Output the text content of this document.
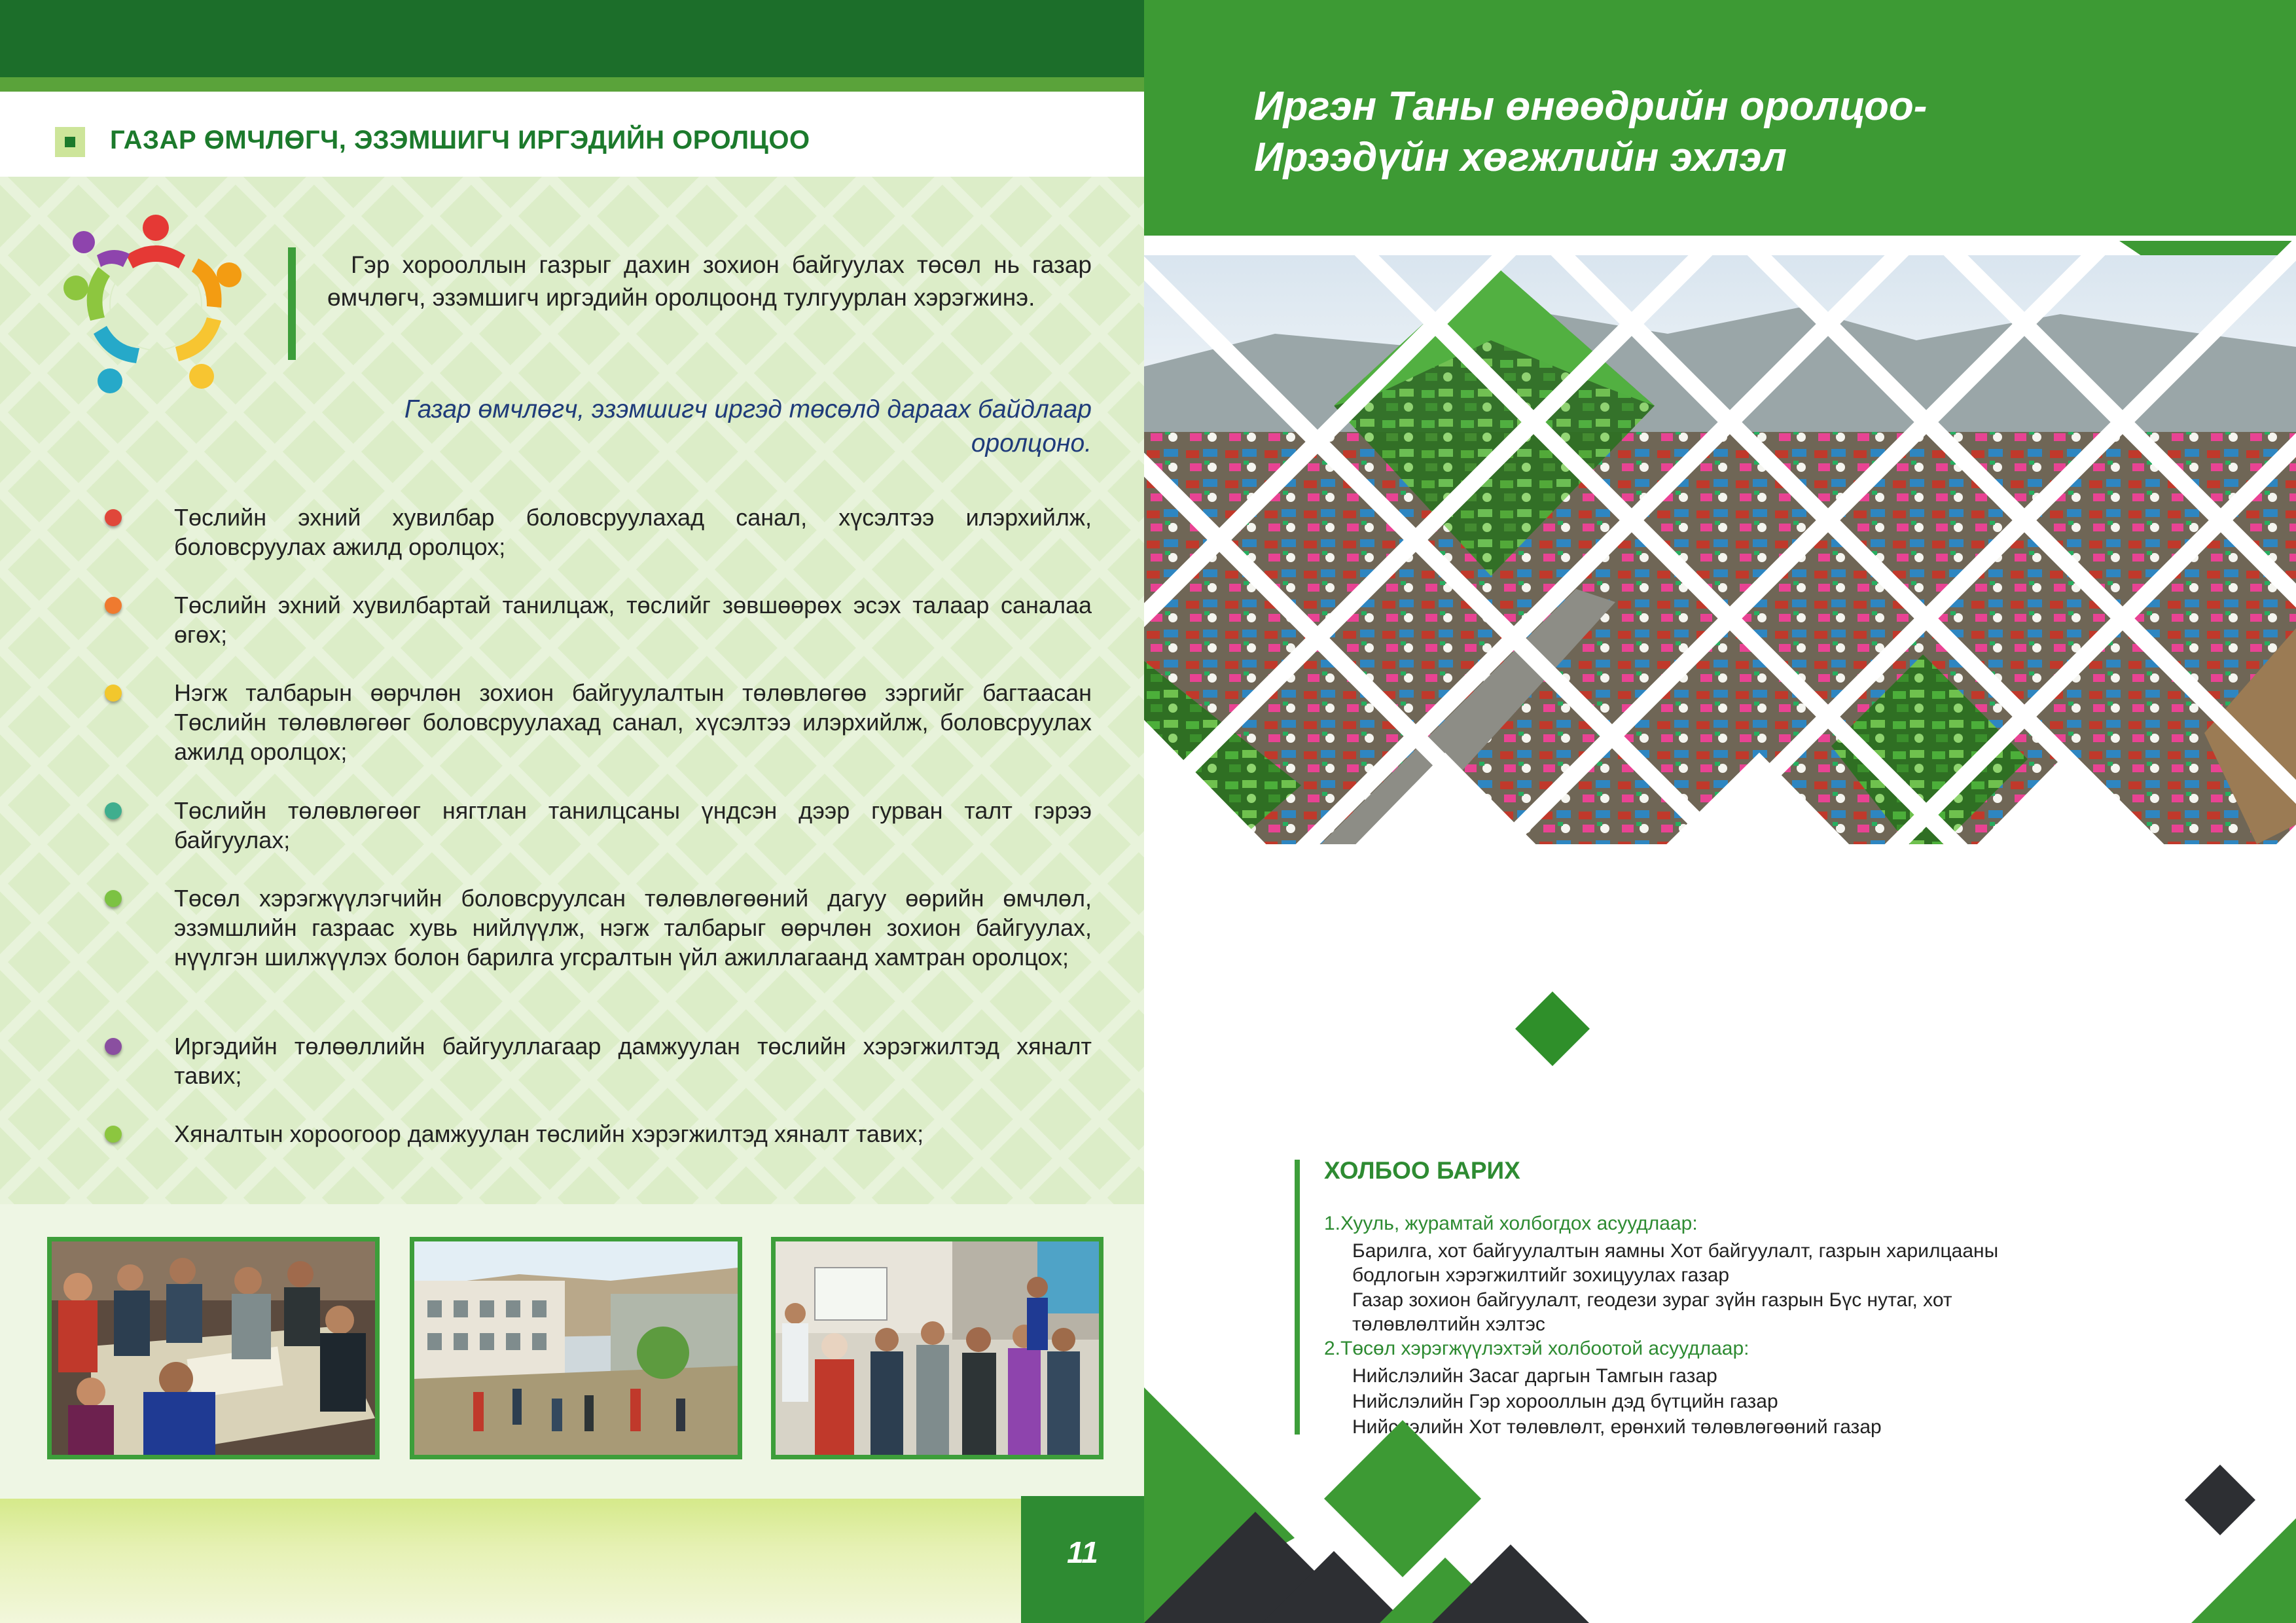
ГАЗАР ӨМЧЛӨГЧ, ЭЗЭМШИГЧ ИРГЭДИЙН ОРОЛЦОО
Гэр хорооллын газрыг дахин зохион байгуулах төсөл нь газар өмчлөгч, эзэмшигч иргэдийн оролцоонд тулгуурлан хэрэгжинэ.
Газар өмчлөгч, эзэмшигч иргэд төсөлд дараах байдлаар оролцоно.
Төслийн эхний хувилбар боловсруулахад санал, хүсэлтээ илэрхийлж, боловсруулах ажилд оролцох;
Төслийн эхний хувилбартай танилцаж, төслийг зөвшөөрөх эсэх талаар саналаа өгөх;
Нэгж талбарын өөрчлөн зохион байгуулалтын төлөвлөгөө зэргийг багтаасан Төслийн төлөвлөгөөг боловсруулахад санал, хүсэлтээ илэрхийлж, боловсруулах ажилд оролцох;
Төслийн төлөвлөгөөг нягтлан танилцсаны үндсэн дээр гурван талт гэрээ байгуулах;
Төсөл хэрэгжүүлэгчийн боловсруулсан төлөвлөгөөний дагуу өөрийн өмчлөл, эзэмшлийн газраас хувь нийлүүлж, нэгж талбарыг өөрчлөн зохион байгуулах, нүүлгэн шилжүүлэх болон барилга угсралтын үйл ажиллагаанд хамтран оролцох;
Иргэдийн төлөөллийн байгууллагаар дамжуулан төслийн хэрэгжилтэд хяналт тавих;
Хяналтын хороогоор дамжуулан төслийн хэрэгжилтэд хяналт тавих;
11
Иргэн Таны өнөөдрийн оролцоо-
Ирээдүйн хөгжлийн эхлэл
ХОЛБОО БАРИХ
1.Хууль, журамтай холбогдох асуудлаар:
Барилга, хот байгуулалтын яамны Хот байгуулалт, газрын харилцааны бодлогын хэрэгжилтийг зохицуулах газар
Газар зохион байгуулалт, геодези зураг зүйн газрын Бүс нутаг, хот төлөвлөлтийн хэлтэс
2.Төсөл хэрэгжүүлэхтэй холбоотой асуудлаар:
Нийслэлийн Засаг даргын Тамгын газар
Нийслэлийн Гэр хорооллын дэд бүтцийн газар
Нийслэлийн Хот төлөвлөлт, ерөнхий төлөвлөгөөний газар
